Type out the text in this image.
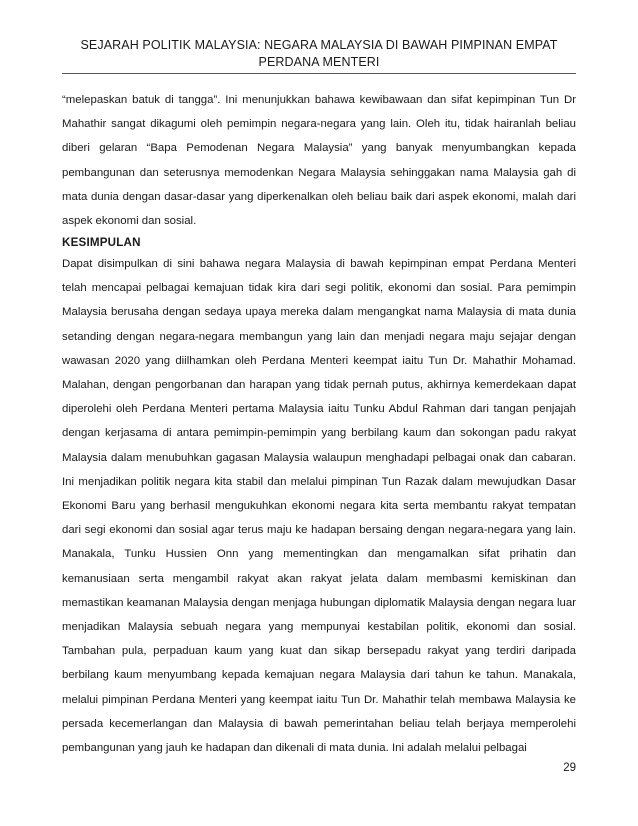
SEJARAH POLITIK MALAYSIA: NEGARA MALAYSIA DI BAWAH PIMPINAN EMPAT
PERDANA MENTERI

“melepaskan batuk di tangga”. Ini menunjukkan bahawa kewibawaan dan sifat kepimpinan Tun Dr Mahathir sangat dikagumi oleh pemimpin negara-negara yang lain. Oleh itu, tidak hairanlah beliau diberi gelaran “Bapa Pemodenan Negara Malaysia” yang banyak menyumbangkan kepada pembangunan dan seterusnya memodenkan Negara Malaysia sehinggakan nama Malaysia gah di mata dunia dengan dasar-dasar yang diperkenalkan oleh beliau baik dari aspek ekonomi, malah dari aspek ekonomi dan sosial.

KESIMPULAN

Dapat disimpulkan di sini bahawa negara Malaysia di bawah kepimpinan empat Perdana Menteri telah mencapai pelbagai kemajuan tidak kira dari segi politik, ekonomi dan sosial. Para pemimpin Malaysia berusaha dengan sedaya upaya mereka dalam mengangkat nama Malaysia di mata dunia setanding dengan negara-negara membangun yang lain dan menjadi negara maju sejajar dengan wawasan 2020 yang diilhamkan oleh Perdana Menteri keempat iaitu Tun Dr. Mahathir Mohamad. Malahan, dengan pengorbanan dan harapan yang tidak pernah putus, akhirnya kemerdekaan dapat diperolehi oleh Perdana Menteri pertama Malaysia iaitu Tunku Abdul Rahman dari tangan penjajah dengan kerjasama di antara pemimpin-pemimpin yang berbilang kaum dan sokongan padu rakyat Malaysia dalam menubuhkan gagasan Malaysia walaupun menghadapi pelbagai onak dan cabaran. Ini menjadikan politik negara kita stabil dan melalui pimpinan Tun Razak dalam mewujudkan Dasar Ekonomi Baru yang berhasil mengukuhkan ekonomi negara kita serta membantu rakyat tempatan dari segi ekonomi dan sosial agar terus maju ke hadapan bersaing dengan negara-negara yang lain. Manakala, Tunku Hussien Onn yang mementingkan dan mengamalkan sifat prihatin dan kemanusiaan serta mengambil rakyat akan rakyat jelata dalam membasmi kemiskinan dan memastikan keamanan Malaysia dengan menjaga hubungan diplomatik Malaysia dengan negara luar menjadikan Malaysia sebuah negara yang mempunyai kestabilan politik, ekonomi dan sosial. Tambahan pula, perpaduan kaum yang kuat dan sikap bersepadu rakyat yang terdiri daripada berbilang kaum menyumbang kepada kemajuan negara Malaysia dari tahun ke tahun. Manakala, melalui pimpinan Perdana Menteri yang keempat iaitu Tun Dr. Mahathir telah membawa Malaysia ke persada kecemerlangan dan Malaysia di bawah pemerintahan beliau telah berjaya memperolehi pembangunan yang jauh ke hadapan dan dikenali di mata dunia. Ini adalah melalui pelbagai

29
